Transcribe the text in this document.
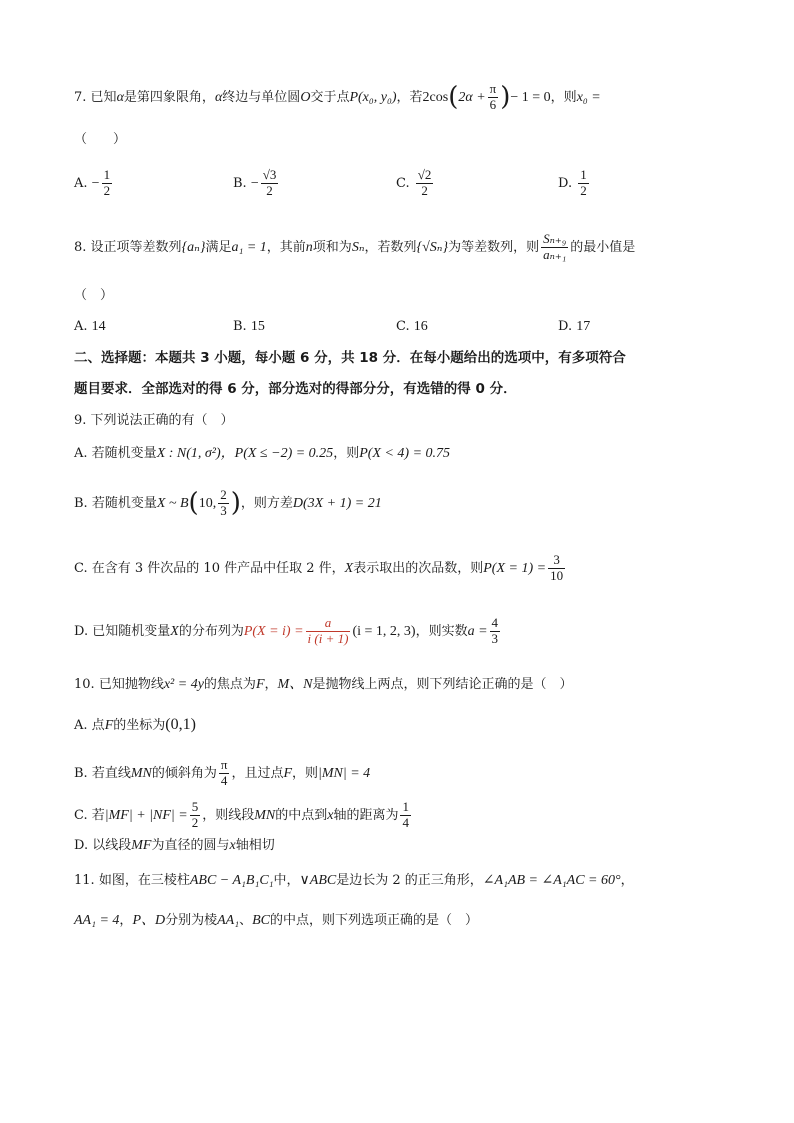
7. 已知α是第四象限角，α终边与单位圆O交于点P(x₀, y₀)，若$2\cos(2\alpha + \frac{\pi}{6}$ )− 1 = 0，则x₀ =
（　　）
A. − $\frac{1}{2}$	B. − $\frac{√3}{2}$	C. $\frac{√2}{2}$	D. $\frac{1}{2}$
8. 设正项等差数列{aₙ}满足a₁ = 1，其前n项和为Sₙ，若数列{√Sₙ}为等差数列，则 $\frac{\text{Sₙ₊₉}}{\text{aₙ₊₁}}$ 的最小值是
（　）
A. 14	B. 15	C. 16	D. 17
二、选择题：本题共 3 小题，每小题 6 分，共 18 分．在每小题给出的选项中，有多项符合
题目要求．全部选对的得 6 分，部分选对的得部分分，有选错的得 0 分．
9. 下列说法正确的有（　）
A. 若随机变量X : N(1, σ²)，P(X ≤ −2) = 0.25，则P(X < 4) = 0.75
B. 若随机变量X ~ B(10, $\frac{2}{3}$ )，则方差D(3X + 1) = 21
C. 在含有 3 件次品的 10 件产品中任取 2 件，X表示取出的次品数，则$P(X = 1) = \frac{3}{10}$
D. 已知随机变量X的分布列为$P(X = i) = \frac{a}{i (i + 1)} (i = 1$, 2, 3)，则实数$a = \frac{4}{3}$
10. 已知抛物线x² = 4y的焦点为F，M、N是抛物线上两点，则下列结论正确的是（　）
A. 点F的坐标为(0,1)
B. 若直线MN的倾斜角为 $\frac{\pi}{4}$ ，且过点F，则|MN| = 4
C. 若$|MF| + |NF| = \frac{5}{2}$ ，则线段MN的中点到x轴的距离为 $\frac{1}{4}$
D. 以线段MF为直径的圆与x轴相切
11. 如图，在三棱柱ABC − A₁B₁C₁中，∨ABC是边长为 2 的正三角形，∠A₁AB = ∠A₁AC = 60°，
AA₁ = 4，P、D分别为棱AA₁、BC的中点，则下列选项正确的是（　）
